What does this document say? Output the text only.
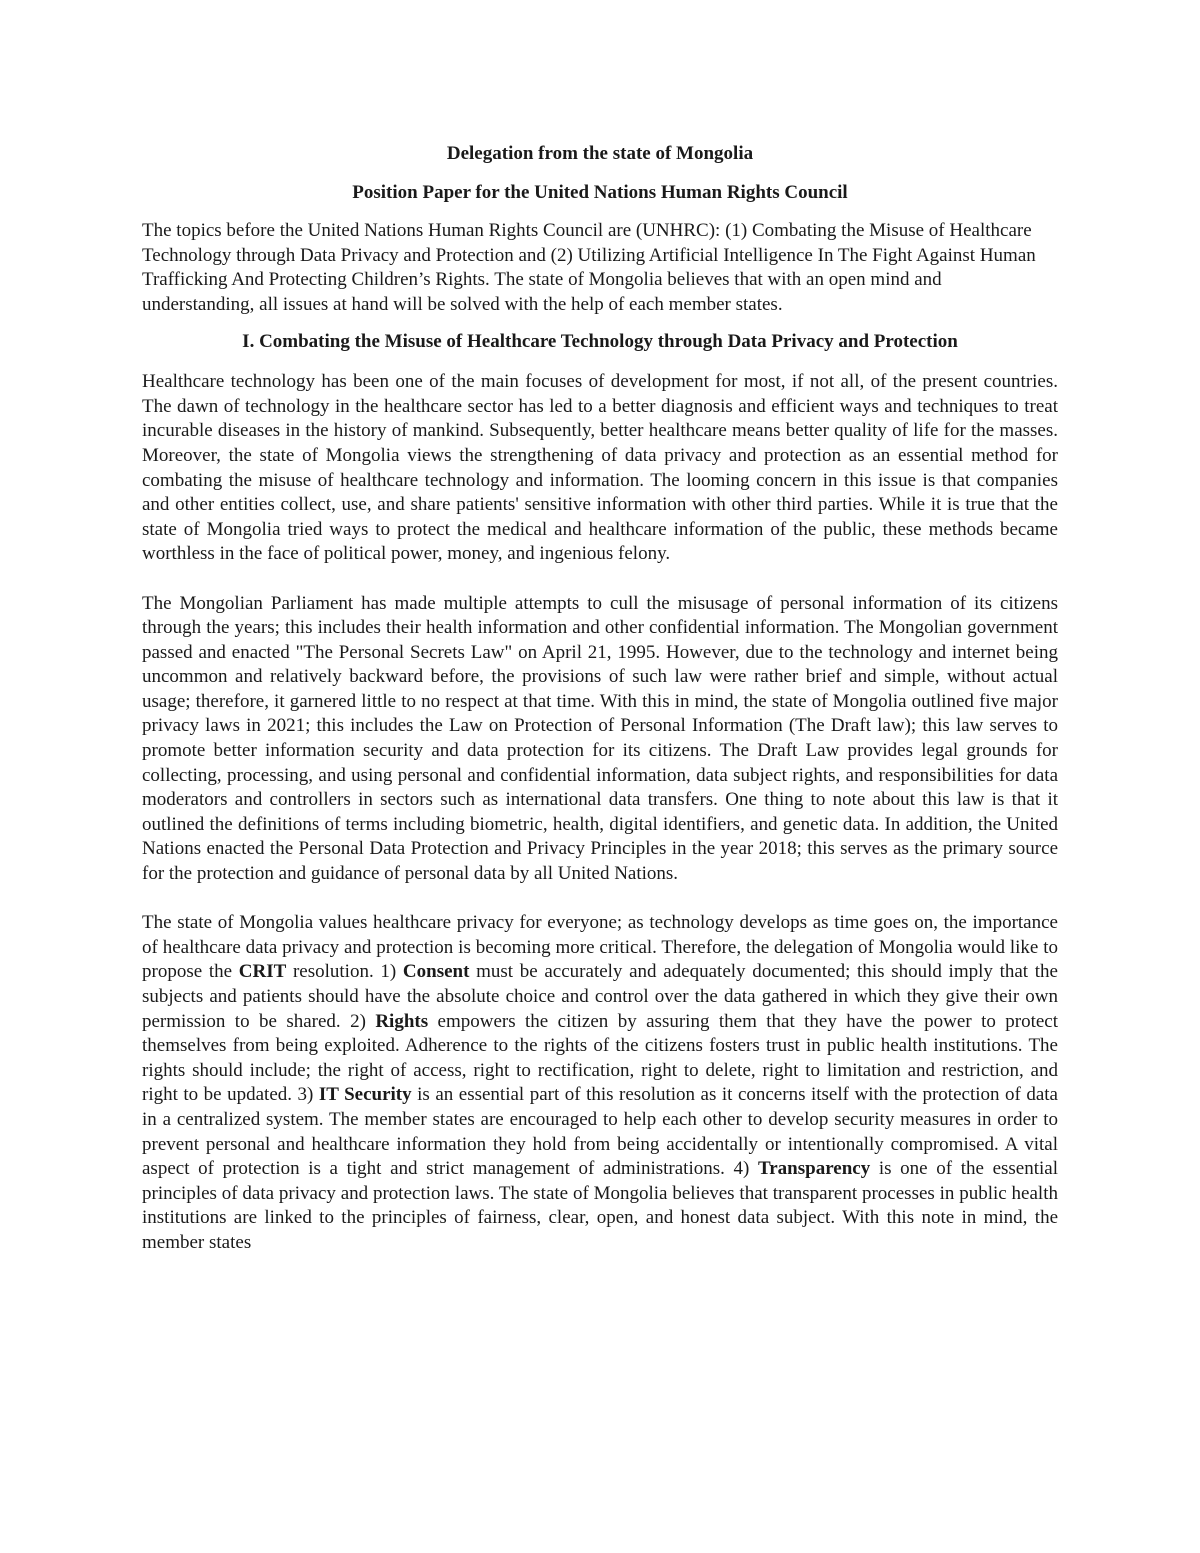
Delegation from the state of Mongolia

Position Paper for the United Nations Human Rights Council

The topics before the United Nations Human Rights Council are (UNHRC): (1) Combating the Misuse of Healthcare Technology through Data Privacy and Protection and (2) Utilizing Artificial Intelligence In The Fight Against Human Trafficking And Protecting Children’s Rights. The state of Mongolia believes that with an open mind and understanding, all issues at hand will be solved with the help of each member states.

I. Combating the Misuse of Healthcare Technology through Data Privacy and Protection

Healthcare technology has been one of the main focuses of development for most, if not all, of the present countries. The dawn of technology in the healthcare sector has led to a better diagnosis and efficient ways and techniques to treat incurable diseases in the history of mankind. Subsequently, better healthcare means better quality of life for the masses. Moreover, the state of Mongolia views the strengthening of data privacy and protection as an essential method for combating the misuse of healthcare technology and information. The looming concern in this issue is that companies and other entities collect, use, and share patients' sensitive information with other third parties. While it is true that the state of Mongolia tried ways to protect the medical and healthcare information of the public, these methods became worthless in the face of political power, money, and ingenious felony.

The Mongolian Parliament has made multiple attempts to cull the misusage of personal information of its citizens through the years; this includes their health information and other confidential information. The Mongolian government passed and enacted "The Personal Secrets Law" on April 21, 1995. However, due to the technology and internet being uncommon and relatively backward before, the provisions of such law were rather brief and simple, without actual usage; therefore, it garnered little to no respect at that time. With this in mind, the state of Mongolia outlined five major privacy laws in 2021; this includes the Law on Protection of Personal Information (The Draft law); this law serves to promote better information security and data protection for its citizens. The Draft Law provides legal grounds for collecting, processing, and using personal and confidential information, data subject rights, and responsibilities for data moderators and controllers in sectors such as international data transfers. One thing to note about this law is that it outlined the definitions of terms including biometric, health, digital identifiers, and genetic data. In addition, the United Nations enacted the Personal Data Protection and Privacy Principles in the year 2018; this serves as the primary source for the protection and guidance of personal data by all United Nations.

The state of Mongolia values healthcare privacy for everyone; as technology develops as time goes on, the importance of healthcare data privacy and protection is becoming more critical. Therefore, the delegation of Mongolia would like to propose the CRIT resolution. 1) Consent must be accurately and adequately documented; this should imply that the subjects and patients should have the absolute choice and control over the data gathered in which they give their own permission to be shared. 2) Rights empowers the citizen by assuring them that they have the power to protect themselves from being exploited. Adherence to the rights of the citizens fosters trust in public health institutions. The rights should include; the right of access, right to rectification, right to delete, right to limitation and restriction, and right to be updated. 3) IT Security is an essential part of this resolution as it concerns itself with the protection of data in a centralized system. The member states are encouraged to help each other to develop security measures in order to prevent personal and healthcare information they hold from being accidentally or intentionally compromised. A vital aspect of protection is a tight and strict management of administrations. 4) Transparency is one of the essential principles of data privacy and protection laws. The state of Mongolia believes that transparent processes in public health institutions are linked to the principles of fairness, clear, open, and honest data subject. With this note in mind, the member states
